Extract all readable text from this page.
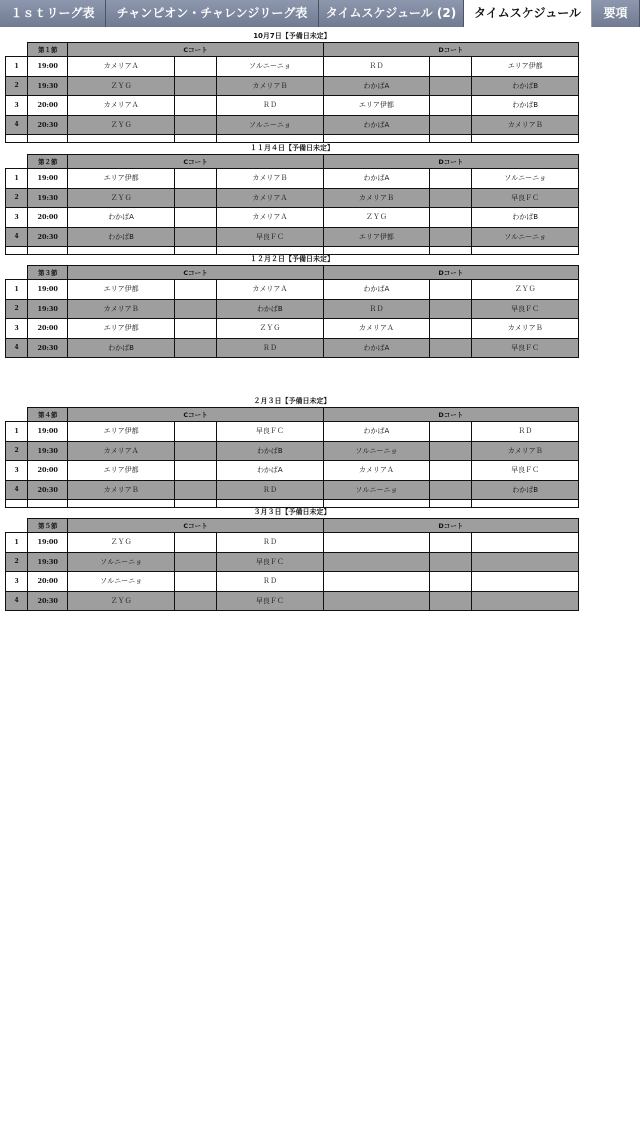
１ｓｔリーグ表	チャンピオン・チャレンジリーグ表	タイムスケジュール (2)	タイムスケジュール	要項
10月7日【予備日未定】
	第１節	Cコート			Dコート		
1	19:00	カメリアＡ		ソルニーニョ	ＲＤ		エリア伊都
2	19:30	ＺＹＧ		カメリアＢ	わかばA		わかばB
3	20:00	カメリアＡ		ＲＤ	エリア伊都		わかばB
4	20:30	ＺＹＧ		ソルニーニョ	わかばA		カメリアＢ

１１月４日【予備日未定】
	第２節	Cコート			Dコート		
1	19:00	エリア伊都		カメリアＢ	わかばA		ソルニーニョ
2	19:30	ＺＹＧ		カメリアＡ	カメリアＢ		早良ＦＣ
3	20:00	わかばA		カメリアＡ	ＺＹＧ		わかばB
4	20:30	わかばB		早良ＦＣ	エリア伊都		ソルニーニョ

１２月２日【予備日未定】
	第３節	Cコート			Dコート		
1	19:00	エリア伊都		カメリアＡ	わかばA		ＺＹＧ
2	19:30	カメリアＢ		わかばB	ＲＤ		早良ＦＣ
3	20:00	エリア伊都		ＺＹＧ	カメリアＡ		カメリアＢ
4	20:30	わかばB		ＲＤ	わかばA		早良ＦＣ
２月３日【予備日未定】
	第４節	Cコート			Dコート		
1	19:00	エリア伊都		早良ＦＣ	わかばA		ＲＤ
2	19:30	カメリアＡ		わかばB	ソルニーニョ		カメリアＢ
3	20:00	エリア伊都		わかばA	カメリアＡ		早良ＦＣ
4	20:30	カメリアＢ		ＲＤ	ソルニーニョ		わかばB

３月３日【予備日未定】
	第５節	Cコート			Dコート		
1	19:00	ＺＹＧ		ＲＤ			
2	19:30	ソルニーニョ		早良ＦＣ			
3	20:00	ソルニーニョ		ＲＤ			
4	20:30	ＺＹＧ		早良ＦＣ			
